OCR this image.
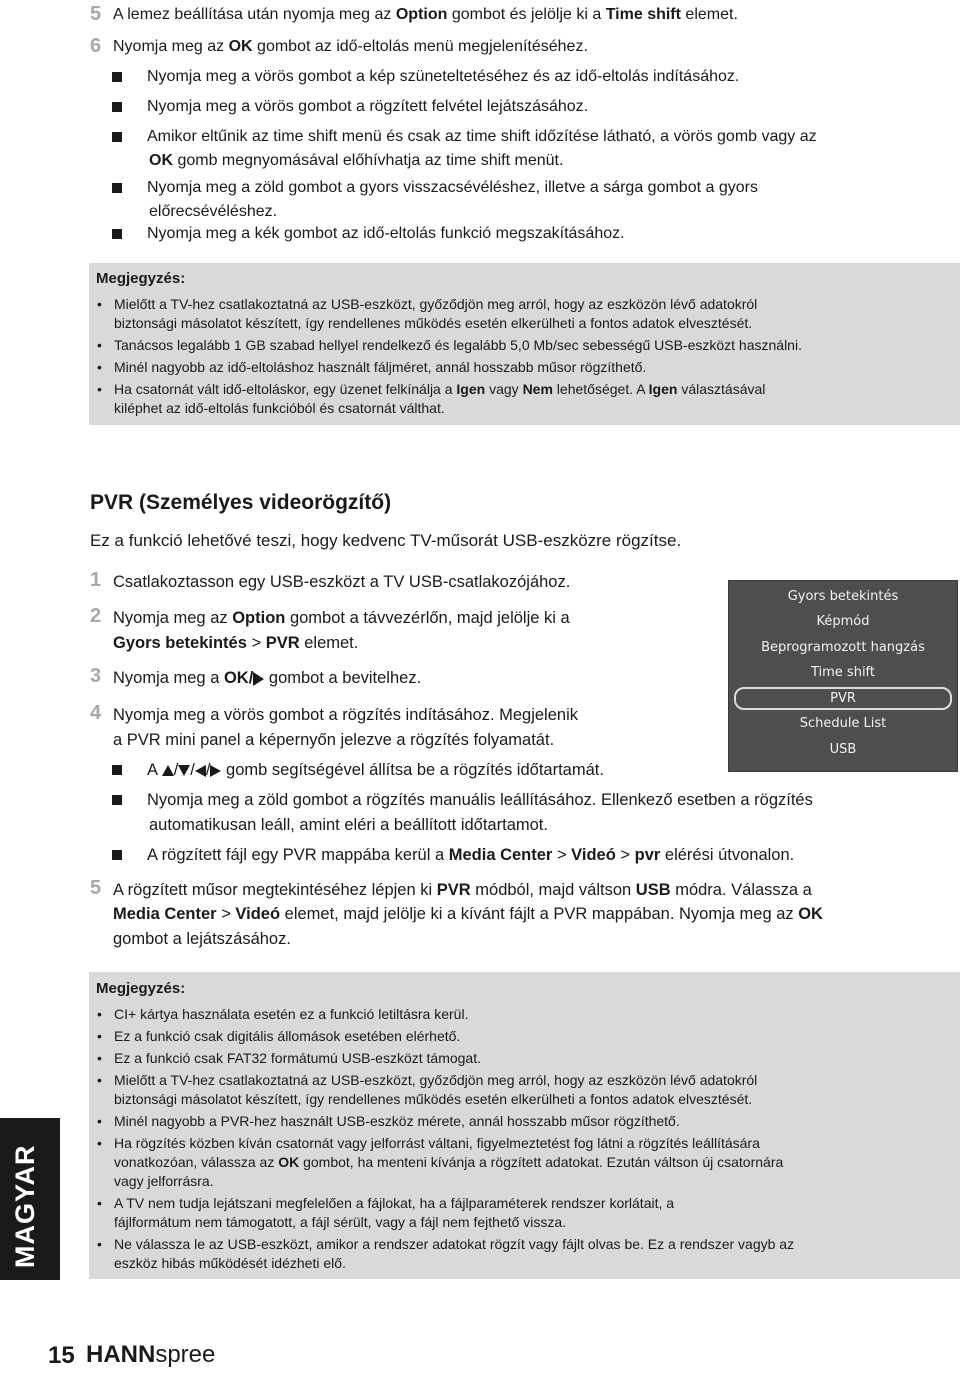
5 A lemez beállítása után nyomja meg az Option gombot és jelölje ki a Time shift elemet.
6 Nyomja meg az OK gombot az idő-eltolás menü megjelenítéséhez.
Nyomja meg a vörös gombot a kép szüneteltetéséhez és az idő-eltolás indításához.
Nyomja meg a vörös gombot a rögzített felvétel lejátszásához.
Amikor eltűnik az time shift menü és csak az time shift időzítése látható, a vörös gomb vagy az
OK gomb megnyomásával előhívhatja az time shift menüt.
Nyomja meg a zöld gombot a gyors visszacsévéléshez, illetve a sárga gombot a gyors
előrecsévéléshez.
Nyomja meg a kék gombot az idő-eltolás funkció megszakításához.
Megjegyzés:
• Mielőtt a TV-hez csatlakoztatná az USB-eszközt, győződjön meg arról, hogy az eszközön lévő adatokról
biztonsági másolatot készített, így rendellenes működés esetén elkerülheti a fontos adatok elvesztését.
• Tanácsos legalább 1 GB szabad hellyel rendelkező és legalább 5,0 Mb/sec sebességű USB-eszközt használni.
• Minél nagyobb az idő-eltoláshoz használt fáljméret, annál hosszabb műsor rögzíthető.
• Ha csatornát vált idő-eltoláskor, egy üzenet felkínálja a Igen vagy Nem lehetőséget. A Igen választásával
kiléphet az idő-eltolás funkcióból és csatornát válthat.
PVR (Személyes videorögzítő)
Ez a funkció lehetővé teszi, hogy kedvenc TV-műsorát USB-eszközre rögzítse.
1 Csatlakoztasson egy USB-eszközt a TV USB-csatlakozójához.
2 Nyomja meg az Option gombot a távvezérlőn, majd jelölje ki a
Gyors betekintés > PVR elemet.
3 Nyomja meg a OK/ gombot a bevitelhez.
4 Nyomja meg a vörös gombot a rögzítés indításához. Megjelenik
a PVR mini panel a képernyőn jelezve a rögzítés folyamatát.
A / / / gomb segítségével állítsa be a rögzítés időtartamát.
Nyomja meg a zöld gombot a rögzítés manuális leállításához. Ellenkező esetben a rögzítés
automatikusan leáll, amint eléri a beállított időtartamot.
A rögzített fájl egy PVR mappába kerül a Media Center > Videó > pvr elérési útvonalon.
5 A rögzített műsor megtekintéséhez lépjen ki PVR módból, majd váltson USB módra. Válassza a
Media Center > Videó elemet, majd jelölje ki a kívánt fájlt a PVR mappában. Nyomja meg az OK
gombot a lejátszásához.
Gyors betekintés
Képmód
Beprogramozott hangzás
Time shift
PVR
Schedule List
USB
Megjegyzés:
• CI+ kártya használata esetén ez a funkció letiltásra kerül.
• Ez a funkció csak digitális állomások esetében elérhető.
• Ez a funkció csak FAT32 formátumú USB-eszközt támogat.
• Mielőtt a TV-hez csatlakoztatná az USB-eszközt, győződjön meg arról, hogy az eszközön lévő adatokról
biztonsági másolatot készített, így rendellenes működés esetén elkerülheti a fontos adatok elvesztését.
• Minél nagyobb a PVR-hez használt USB-eszköz mérete, annál hosszabb műsor rögzíthető.
• Ha rögzítés közben kíván csatornát vagy jelforrást váltani, figyelmeztetést fog látni a rögzítés leállítására
vonatkozóan, válassza az OK gombot, ha menteni kívánja a rögzített adatokat. Ezután váltson új csatornára
vagy jelforrásra.
• A TV nem tudja lejátszani megfelelően a fájlokat, ha a fájlparaméterek rendszer korlátait, a
fájlformátum nem támogatott, a fájl sérült, vagy a fájl nem fejthető vissza.
• Ne válassza le az USB-eszközt, amikor a rendszer adatokat rögzít vagy fájlt olvas be. Ez a rendszer vagyb az
eszköz hibás működését idézheti elő.
MAGYAR
15 HANNspree
